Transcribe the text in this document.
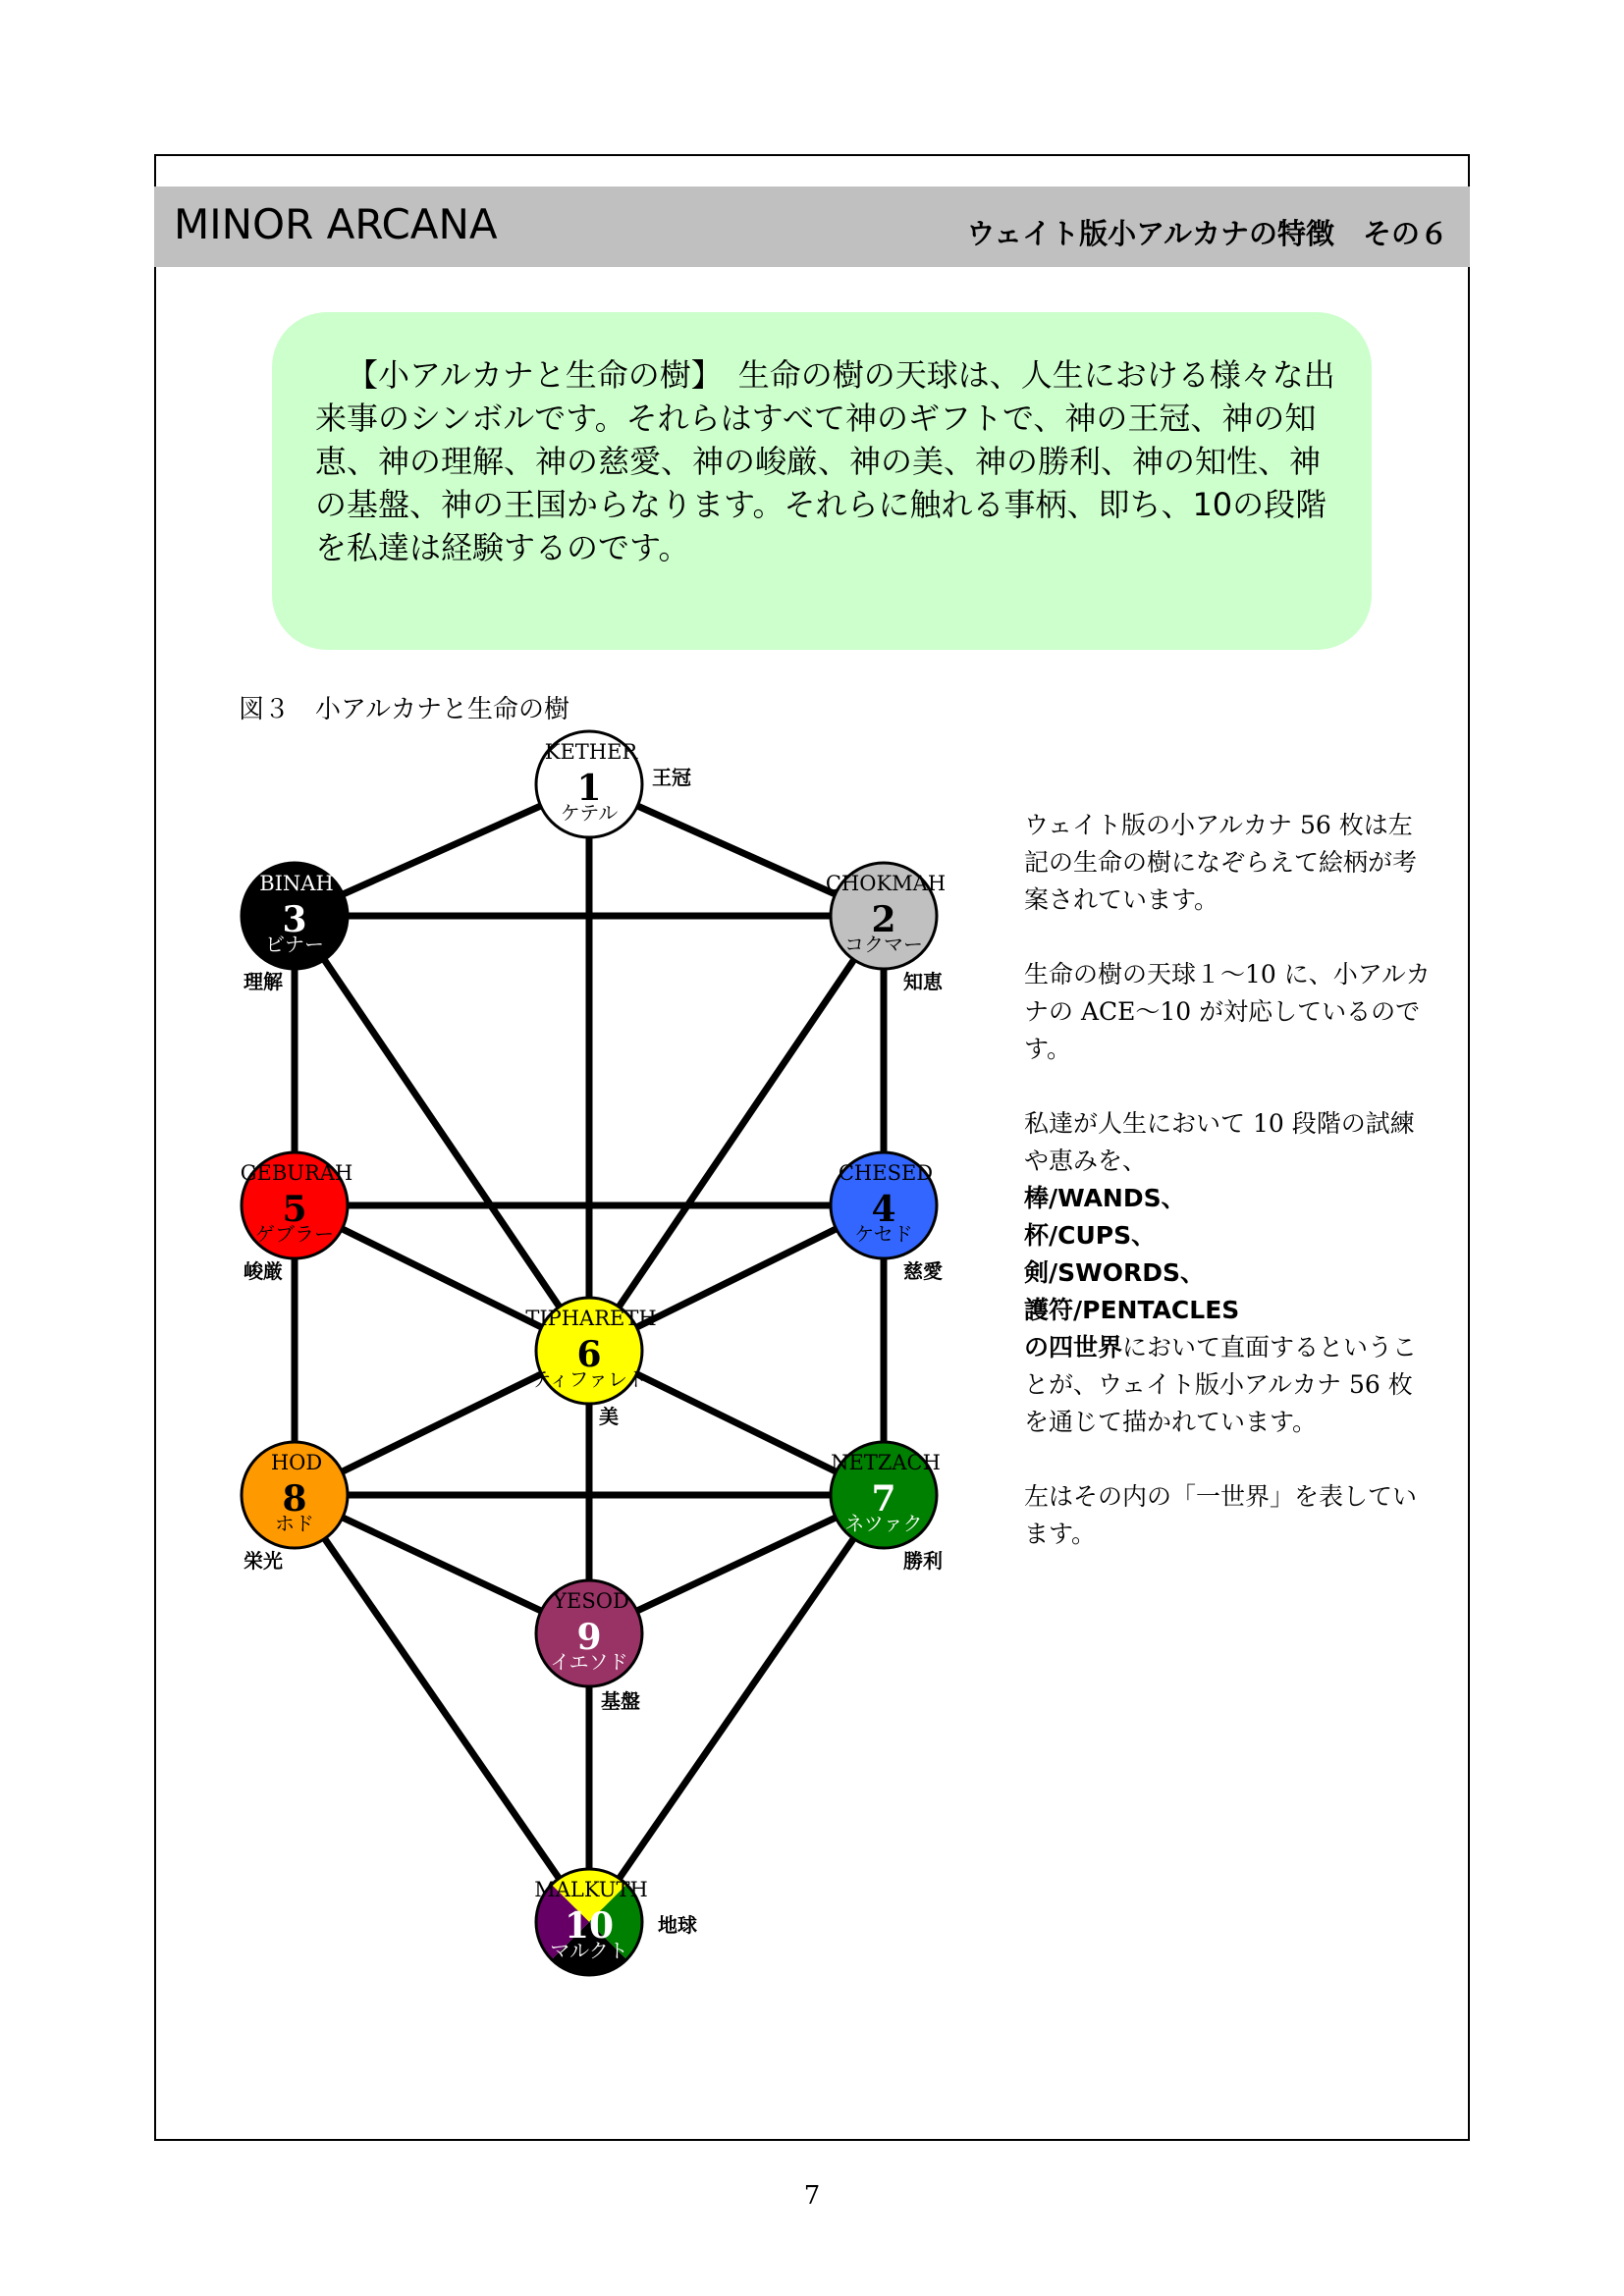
MINOR ARCANA	ウェイト版小アルカナの特徴　その６
【小アルカナと生命の樹】　生命の樹の天球は、人生における様々な出来事のシンボルです。それらはすべて神のギフトで、神の王冠、神の知恵、神の理解、神の慈愛、神の峻厳、神の美、神の勝利、神の知性、神の基盤、神の王国からなります。それらに触れる事柄、即ち、10の段階を私達は経験するのです。
図３　小アルカナと生命の樹
KETHER
1
ケテル
王冠
CHOKMAH
2
コクマー
知恵
BINAH
3
ビナー
理解
CHESED
4
ケセド
慈愛
GEBURAH
5
ゲブラー
峻厳
TIPHARETH
6
ティファレト
美
NETZACH
7
ネツァク
勝利
HOD
8
ホド
栄光
YESOD
9
イエソド
基盤
MALKUTH
10
マルクト
地球

ウェイト版の小アルカナ 56 枚は左記の生命の樹になぞらえて絵柄が考案されています。

生命の樹の天球１～10 に、小アルカナの ACE～10 が対応しているのです。

私達が人生において 10 段階の試練や恵みを、
棒/WANDS、
杯/CUPS、
剣/SWORDS、
護符/PENTACLES
の四世界において直面するということが、ウェイト版小アルカナ 56 枚を通じて描かれています。

左はその内の「一世界」を表しています。

7
